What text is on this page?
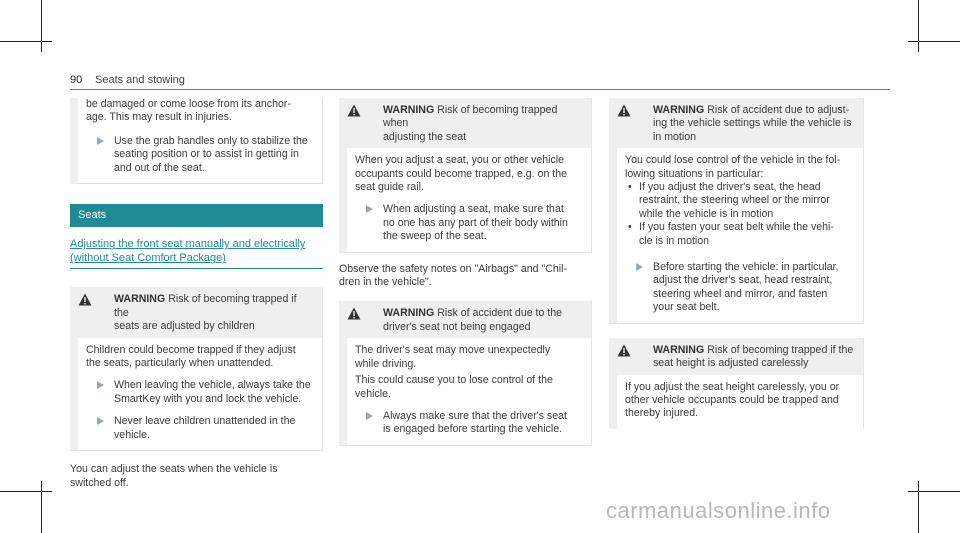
90 Seats and stowing

be damaged or come loose from its anchor-

age. This may result in injuries.

Use the grab handles only to stabilize the

seating position or to assist in getting in

and out of the seat.

Seats
Adjusting the front seat manually and electrically
(without Seat Comfort Package)

WARNING Risk of becoming trapped if the

seats are adjusted by children

Children could become trapped if they adjust

the seats, particularly when unattended.

When leaving the vehicle, always take the

SmartKey with you and lock the vehicle.

Never leave children unattended in the

vehicle.

You can adjust the seats when the vehicle is

switched off.

WARNING Risk of becoming trapped when

adjusting the seat

When you adjust a seat, you or other vehicle

occupants could become trapped, e.g. on the

seat guide rail.

When adjusting a seat, make sure that

no one has any part of their body within

the sweep of the seat.

Observe the safety notes on "Airbags" and "Chil-

dren in the vehicle".

WARNING Risk of accident due to the

driver's seat not being engaged

The driver's seat may move unexpectedly

while driving.

This could cause you to lose control of the

vehicle.

Always make sure that the driver's seat

is engaged before starting the vehicle.

WARNING Risk of accident due to adjust-

ing the vehicle settings while the vehicle is

in motion

You could lose control of the vehicle in the fol-

lowing situations in particular:

• If you adjust the driver's seat, the head

restraint, the steering wheel or the mirror

while the vehicle is in motion

• If you fasten your seat belt while the vehi-

cle is in motion

Before starting the vehicle: in particular,

adjust the driver's seat, head restraint,

steering wheel and mirror, and fasten

your seat belt.

WARNING Risk of becoming trapped if the

seat height is adjusted carelessly

If you adjust the seat height carelessly, you or

other vehicle occupants could be trapped and

thereby injured.

carmanualsonline.info
